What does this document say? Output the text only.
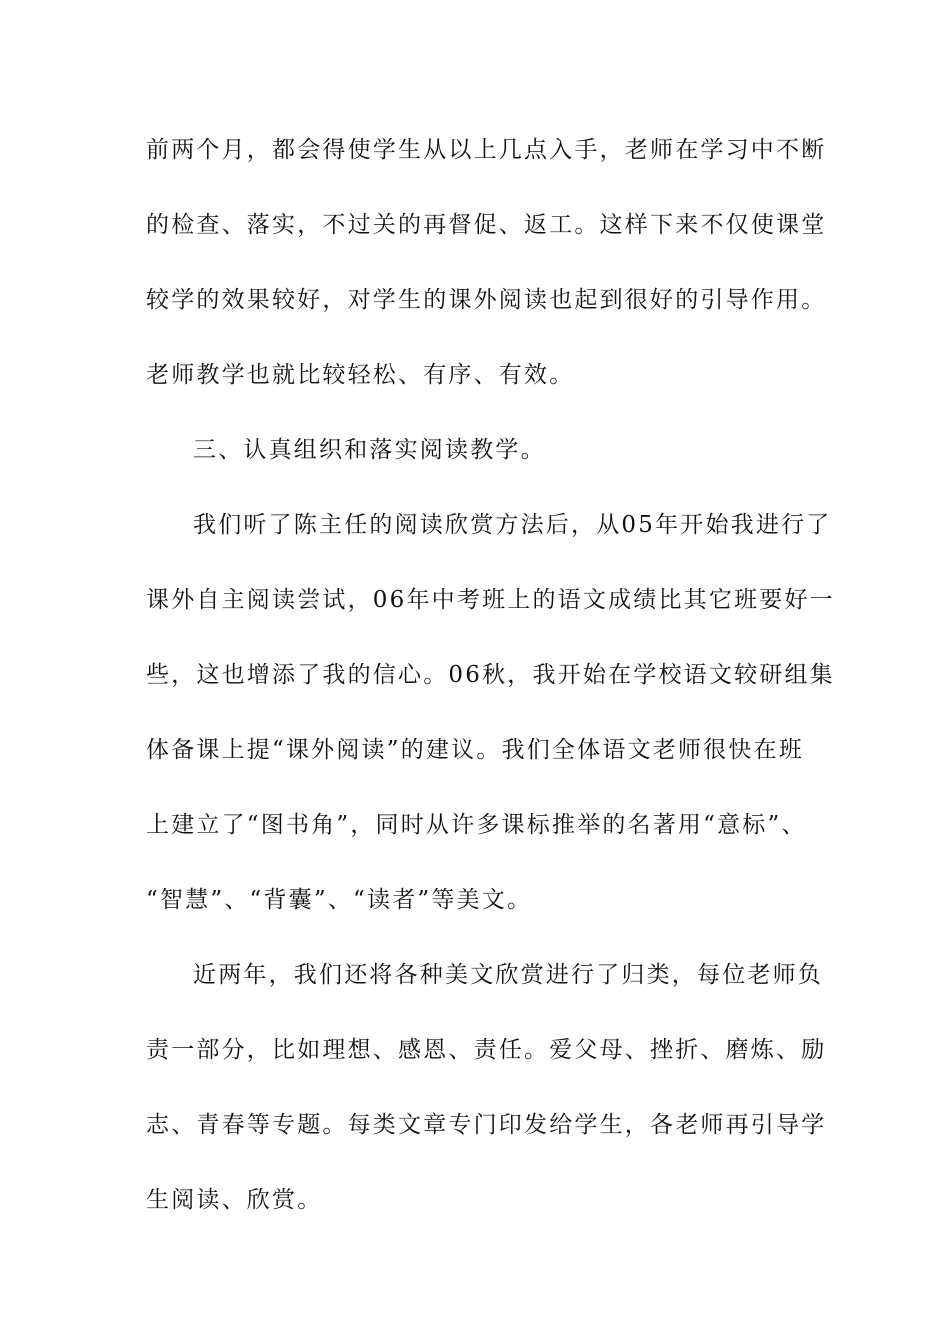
前两个月，都会得使学生从以上几点入手，老师在学习中不断
的检查、落实，不过关的再督促、返工。这样下来不仅使课堂
较学的效果较好，对学生的课外阅读也起到很好的引导作用。
老师教学也就比较轻松、有序、有效。
三、认真组织和落实阅读教学。
我们听了陈主任的阅读欣赏方法后，从05年开始我进行了
课外自主阅读尝试，06年中考班上的语文成绩比其它班要好一
些，这也增添了我的信心。06秋，我开始在学校语文较研组集
体备课上提“课外阅读”的建议。我们全体语文老师很快在班
上建立了“图书角”，同时从许多课标推举的名著用“意标”、
“智慧”、“背囊”、“读者”等美文。
近两年，我们还将各种美文欣赏进行了归类，每位老师负
责一部分，比如理想、感恩、责任。爱父母、挫折、磨炼、励
志、青春等专题。每类文章专门印发给学生，各老师再引导学
生阅读、欣赏。
